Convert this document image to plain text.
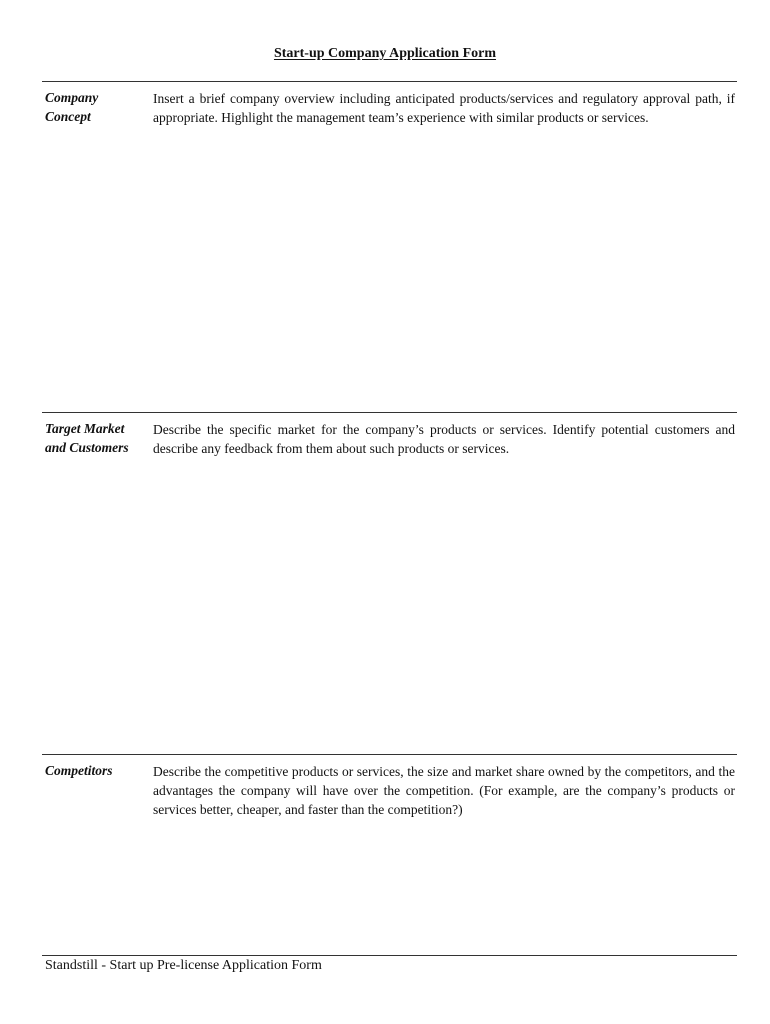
Start-up Company Application Form
Company Concept
Insert a brief company overview including anticipated products/services and regulatory approval path, if appropriate. Highlight the management team’s experience with similar products or services.
Target Market and Customers
Describe the specific market for the company’s products or services. Identify potential customers and describe any feedback from them about such products or services.
Competitors	Describe the competitive products or services, the size and market share owned by the competitors, and the advantages the company will have over the competition. (For example, are the company’s products or services better, cheaper, and faster than the competition?)
Standstill - Start up Pre-license Application Form
